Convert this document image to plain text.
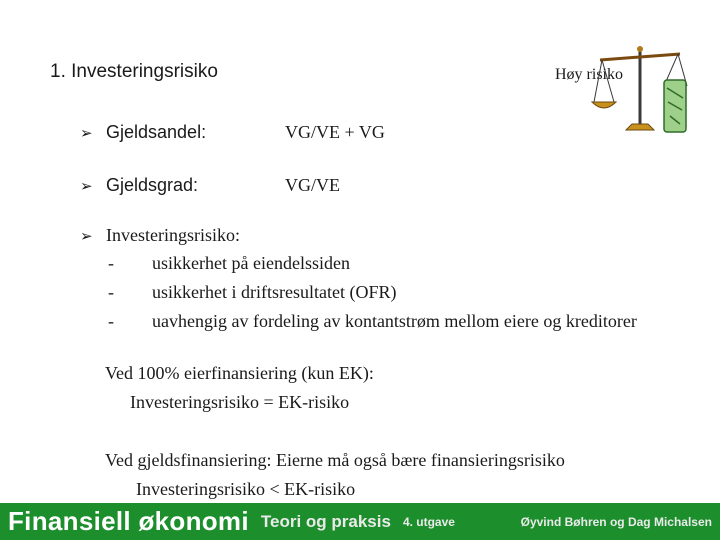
1. Investeringsrisiko	Høy risiko
➢ Gjeldsandel:	VG/VE + VG
➢ Gjeldsgrad:	VG/VE
➢ Investeringsrisiko:
-	usikkerhet på eiendelssiden
-	usikkerhet i driftsresultatet (OFR)
-	uavhengig av fordeling av kontantstrøm mellom eiere og kreditorer
Ved 100% eierfinansiering (kun EK):
Investeringsrisiko = EK-risiko
Ved gjeldsfinansiering: Eierne må også bære finansieringsrisiko
Investeringsrisiko < EK-risiko
Finansiell økonomi Teori og praksis 4. utgave	Øyvind Bøhren og Dag Michalsen
